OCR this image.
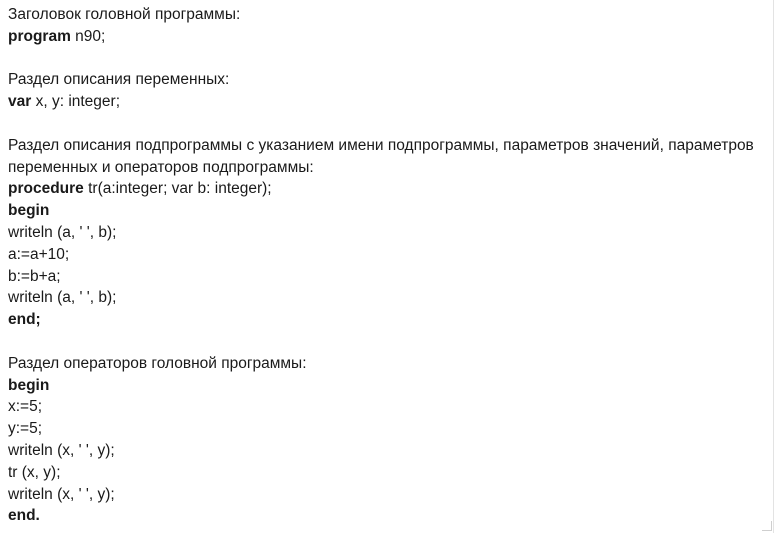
Заголовок головной программы:
program n90;
Раздел описания переменных:
var x, y: integer;
Раздел описания подпрограммы с указанием имени подпрограммы, параметров значений, параметров переменных и операторов подпрограммы:
procedure tr(a:integer; var b: integer);
begin
writeln (a, ' ', b);
a:=a+10;
b:=b+a;
writeln (a, ' ', b);
end;
Раздел операторов головной программы:
begin
x:=5;
y:=5;
writeln (x, ' ', y);
tr (x, y);
writeln (x, ' ', y);
end.
